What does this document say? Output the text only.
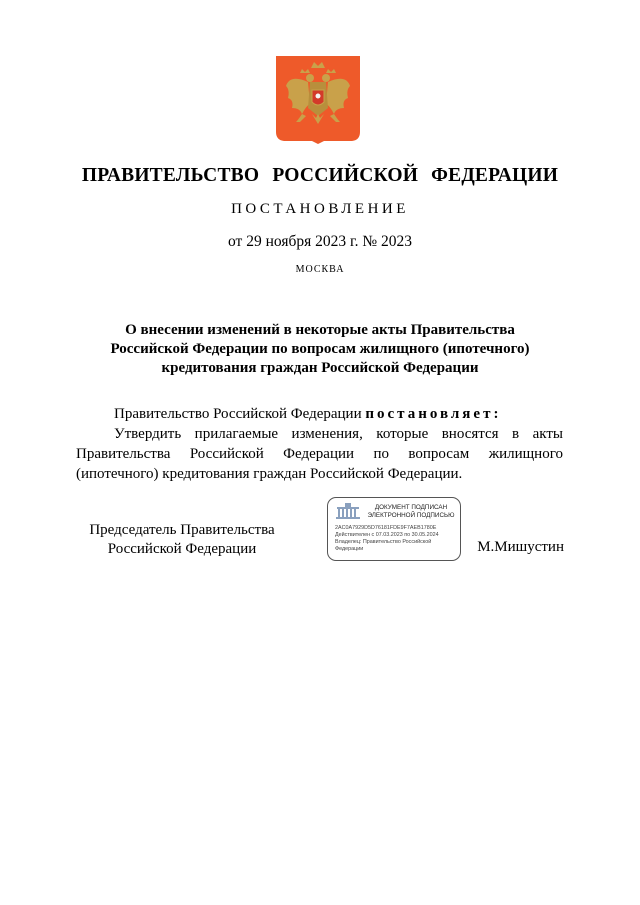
ПРАВИТЕЛЬСТВО РОССИЙСКОЙ ФЕДЕРАЦИИ
ПОСТАНОВЛЕНИЕ
от 29 ноября 2023 г. № 2023
МОСКВА
О внесении изменений в некоторые акты Правительства
Российской Федерации по вопросам жилищного (ипотечного)
кредитования граждан Российской Федерации
Правительство Российской Федерации постановляет:
Утвердить прилагаемые изменения, которые вносятся в акты
Правительства Российской Федерации по вопросам жилищного
(ипотечного) кредитования граждан Российской Федерации.
Председатель Правительства
Российской Федерации
ДОКУМЕНТ ПОДПИСАН
ЭЛЕКТРОННОЙ ПОДПИСЬЮ
2AC0A7929D5D76181FDE9F7AEB1780E
Действителен с 07.03.2023 по 30.05.2024
Владелец: Правительство Российской
Федерации	М.Мишустин
